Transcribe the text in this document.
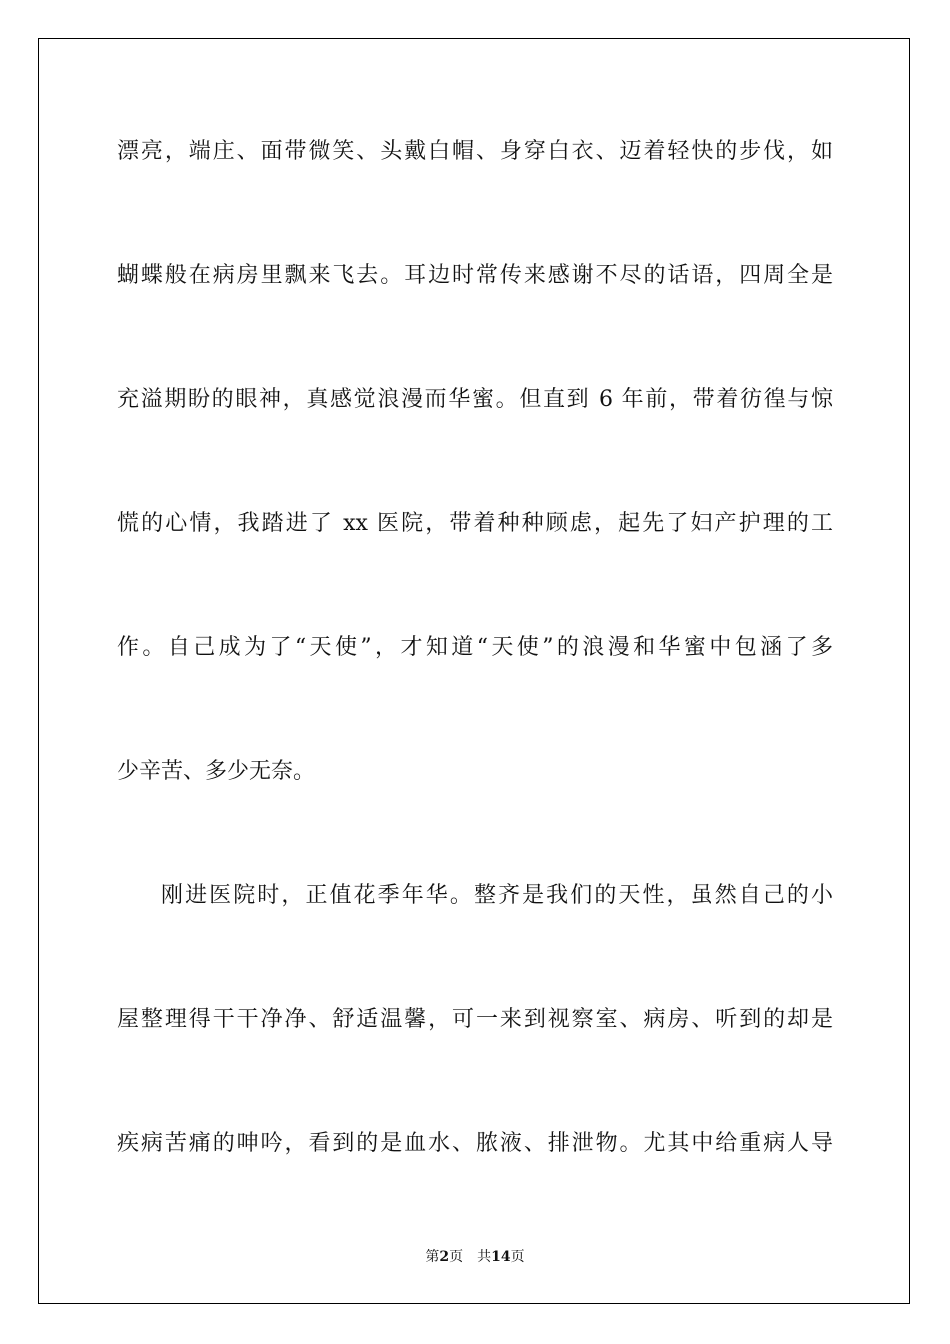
漂亮，端庄、面带微笑、头戴白帽、身穿白衣、迈着轻快的步伐，如
蝴蝶般在病房里飘来飞去。耳边时常传来感谢不尽的话语，四周全是
充溢期盼的眼神，真感觉浪漫而华蜜。但直到 6 年前，带着彷徨与惊
慌的心情，我踏进了 xx 医院，带着种种顾虑，起先了妇产护理的工
作。自己成为了“天使”，才知道“天使”的浪漫和华蜜中包涵了多
少辛苦、多少无奈。
刚进医院时，正值花季年华。整齐是我们的天性，虽然自己的小
屋整理得干干净净、舒适温馨，可一来到视察室、病房、听到的却是
疾病苦痛的呻吟，看到的是血水、脓液、排泄物。尤其中给重病人导
第2页 共14页
